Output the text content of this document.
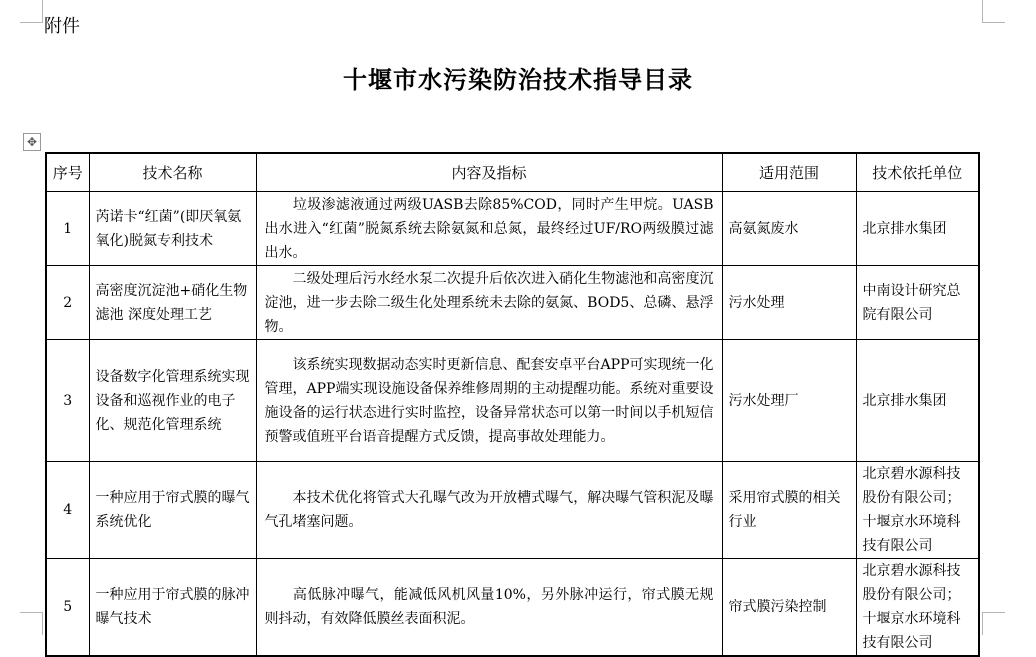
附件
十堰市水污染防治技术指导目录
✥
序号	技术名称	内容及指标	适用范围	技术依托单位
1	芮诺卡“红菌”(即厌氧氨氧化)脱氮专利技术	垃圾渗滤液通过两级UASB去除85%COD，同时产生甲烷。UASB出水进入“红菌”脱氮系统去除氨氮和总氮，最终经过UF/RO两级膜过滤出水。	高氨氮废水	北京排水集团
2	高密度沉淀池+硝化生物滤池 深度处理工艺	二级处理后污水经水泵二次提升后依次进入硝化生物滤池和高密度沉淀池，进一步去除二级生化处理系统未去除的氨氮、BOD5、总磷、悬浮物。	污水处理	中南设计研究总院有限公司
3	设备数字化管理系统实现设备和巡视作业的电子化、规范化管理系统	该系统实现数据动态实时更新信息、配套安卓平台APP可实现统一化管理，APP端实现设施设备保养维修周期的主动提醒功能。系统对重要设施设备的运行状态进行实时监控，设备异常状态可以第一时间以手机短信预警或值班平台语音提醒方式反馈，提高事故处理能力。	污水处理厂	北京排水集团
4	一种应用于帘式膜的曝气系统优化	本技术优化将管式大孔曝气改为开放槽式曝气，解决曝气管积泥及曝气孔堵塞问题。	采用帘式膜的相关行业	北京碧水源科技股份有限公司；十堰京水环境科技有限公司
5	一种应用于帘式膜的脉冲曝气技术	高低脉冲曝气，能减低风机风量10%，另外脉冲运行，帘式膜无规则抖动，有效降低膜丝表面积泥。	帘式膜污染控制	北京碧水源科技股份有限公司；十堰京水环境科技有限公司
